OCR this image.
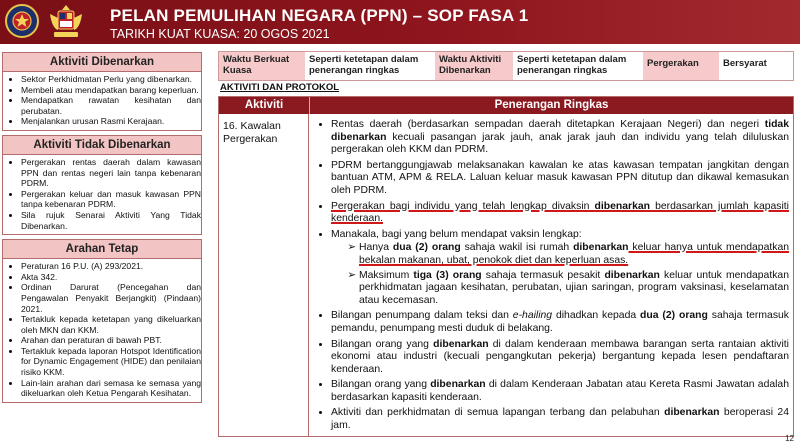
PELAN PEMULIHAN NEGARA (PPN) – SOP FASA 1
TARIKH KUAT KUASA: 20 OGOS 2021
Aktiviti Dibenarkan
• Sektor Perkhidmatan Perlu yang dibenarkan.
• Membeli atau mendapatkan barang keperluan.
• Mendapatkan rawatan kesihatan dan perubatan.
• Menjalankan urusan Rasmi Kerajaan.
Aktiviti Tidak Dibenarkan
• Pergerakan rentas daerah dalam kawasan PPN dan rentas negeri lain tanpa kebenaran PDRM.
• Pergerakan keluar dan masuk kawasan PPN tanpa kebenaran PDRM.
• Sila rujuk Senarai Aktiviti Yang Tidak Dibenarkan.
Arahan Tetap
• Peraturan 16 P.U. (A) 293/2021.
• Akta 342.
• Ordinan Darurat (Pencegahan dan Pengawalan Penyakit Berjangkit) (Pindaan) 2021.
• Tertakluk kepada ketetapan yang dikeluarkan oleh MKN dan KKM.
• Arahan dan peraturan di bawah PBT.
• Tertakluk kepada laporan Hotspot Identification for Dynamic Engagement (HIDE) dan penilaian risiko KKM.
• Lain-lain arahan dari semasa ke semasa yang dikeluarkan oleh Ketua Pengarah Kesihatan.
Waktu Berkuat Kuasa
Seperti ketetapan dalam penerangan ringkas
Waktu Aktiviti Dibenarkan
Seperti ketetapan dalam penerangan ringkas
Pergerakan	Bersyarat
AKTIVITI DAN PROTOKOL
Aktiviti	Penerangan Ringkas
16. Kawalan Pergerakan
• Rentas daerah (berdasarkan sempadan daerah ditetapkan Kerajaan Negeri) dan negeri tidak dibenarkan kecuali pasangan jarak jauh, anak jarak jauh dan individu yang telah diluluskan pergerakan oleh KKM dan PDRM.
• PDRM bertanggungjawab melaksanakan kawalan ke atas kawasan tempatan jangkitan dengan bantuan ATM, APM & RELA. Laluan keluar masuk kawasan PPN ditutup dan dikawal kemasukan oleh PDRM.
• Pergerakan bagi individu yang telah lengkap divaksin dibenarkan berdasarkan jumlah kapasiti kenderaan.
• Manakala, bagi yang belum mendapat vaksin lengkap:
➢ Hanya dua (2) orang sahaja wakil isi rumah dibenarkan keluar hanya untuk mendapatkan bekalan makanan, ubat, penokok diet dan keperluan asas.
➢ Maksimum tiga (3) orang sahaja termasuk pesakit dibenarkan keluar untuk mendapatkan perkhidmatan jagaan kesihatan, perubatan, ujian saringan, program vaksinasi, keselamatan atau kecemasan.
• Bilangan penumpang dalam teksi dan e-hailing dihadkan kepada dua (2) orang sahaja termasuk pemandu, penumpang mesti duduk di belakang.
• Bilangan orang yang dibenarkan di dalam kenderaan membawa barangan serta rantaian aktiviti ekonomi atau industri (kecuali pengangkutan pekerja) bergantung kepada lesen pendaftaran kenderaan.
• Bilangan orang yang dibenarkan di dalam Kenderaan Jabatan atau Kereta Rasmi Jawatan adalah berdasarkan kapasiti kenderaan.
• Aktiviti dan perkhidmatan di semua lapangan terbang dan pelabuhan dibenarkan beroperasi 24 jam.
12
